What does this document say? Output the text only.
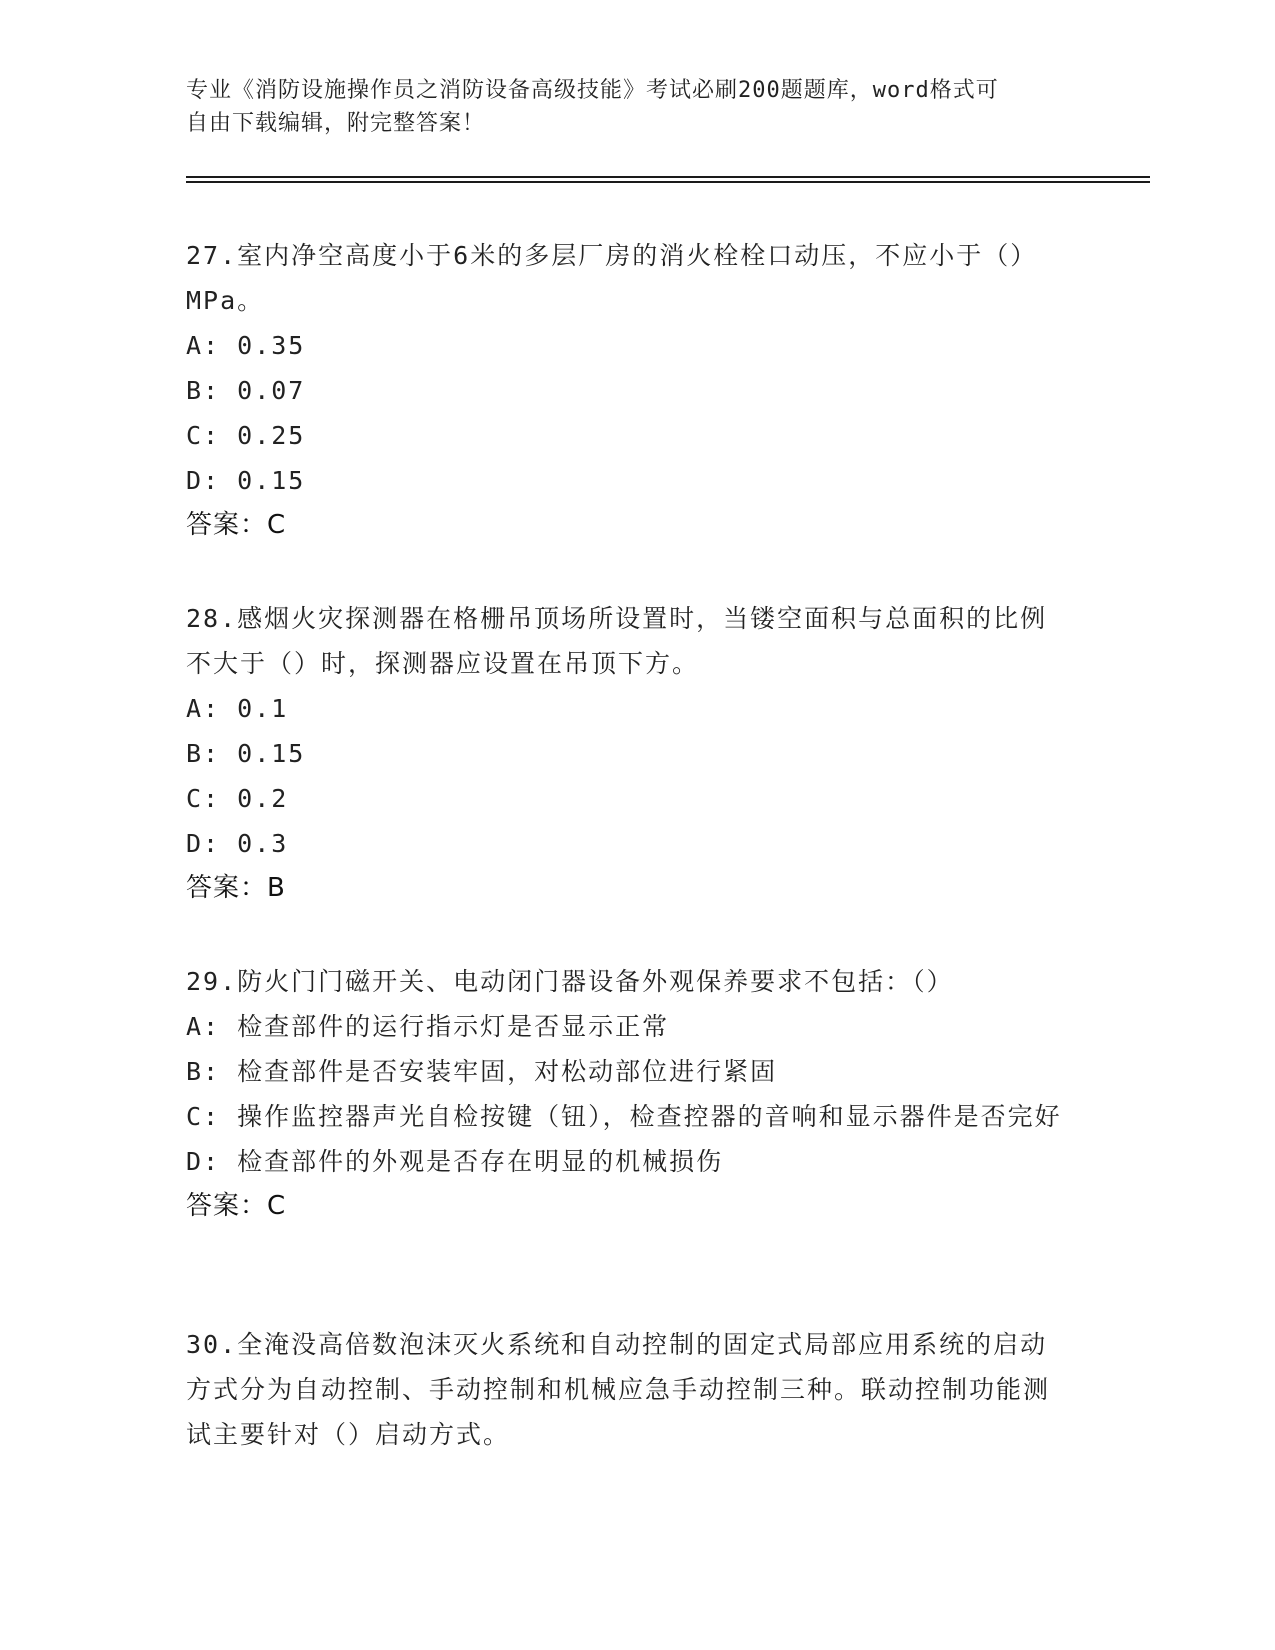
专业《消防设施操作员之消防设备高级技能》考试必刷200题题库，word格式可
自由下载编辑，附完整答案！
27.室内净空高度小于6米的多层厂房的消火栓栓口动压，不应小于（）MPa。
A: 0.35
B: 0.07
C: 0.25
D: 0.15
答案：C
28.感烟火灾探测器在格栅吊顶场所设置时，当镂空面积与总面积的比例不大于（）时，探测器应设置在吊顶下方。
A: 0.1
B: 0.15
C: 0.2
D: 0.3
答案：B
29.防火门门磁开关、电动闭门器设备外观保养要求不包括：（）
A: 检查部件的运行指示灯是否显示正常
B: 检查部件是否安装牢固，对松动部位进行紧固
C: 操作监控器声光自检按键（钮），检查控器的音响和显示器件是否完好
D: 检查部件的外观是否存在明显的机械损伤
答案：C
30.全淹没高倍数泡沫灭火系统和自动控制的固定式局部应用系统的启动方式分为自动控制、手动控制和机械应急手动控制三种。联动控制功能测试主要针对（）启动方式。
